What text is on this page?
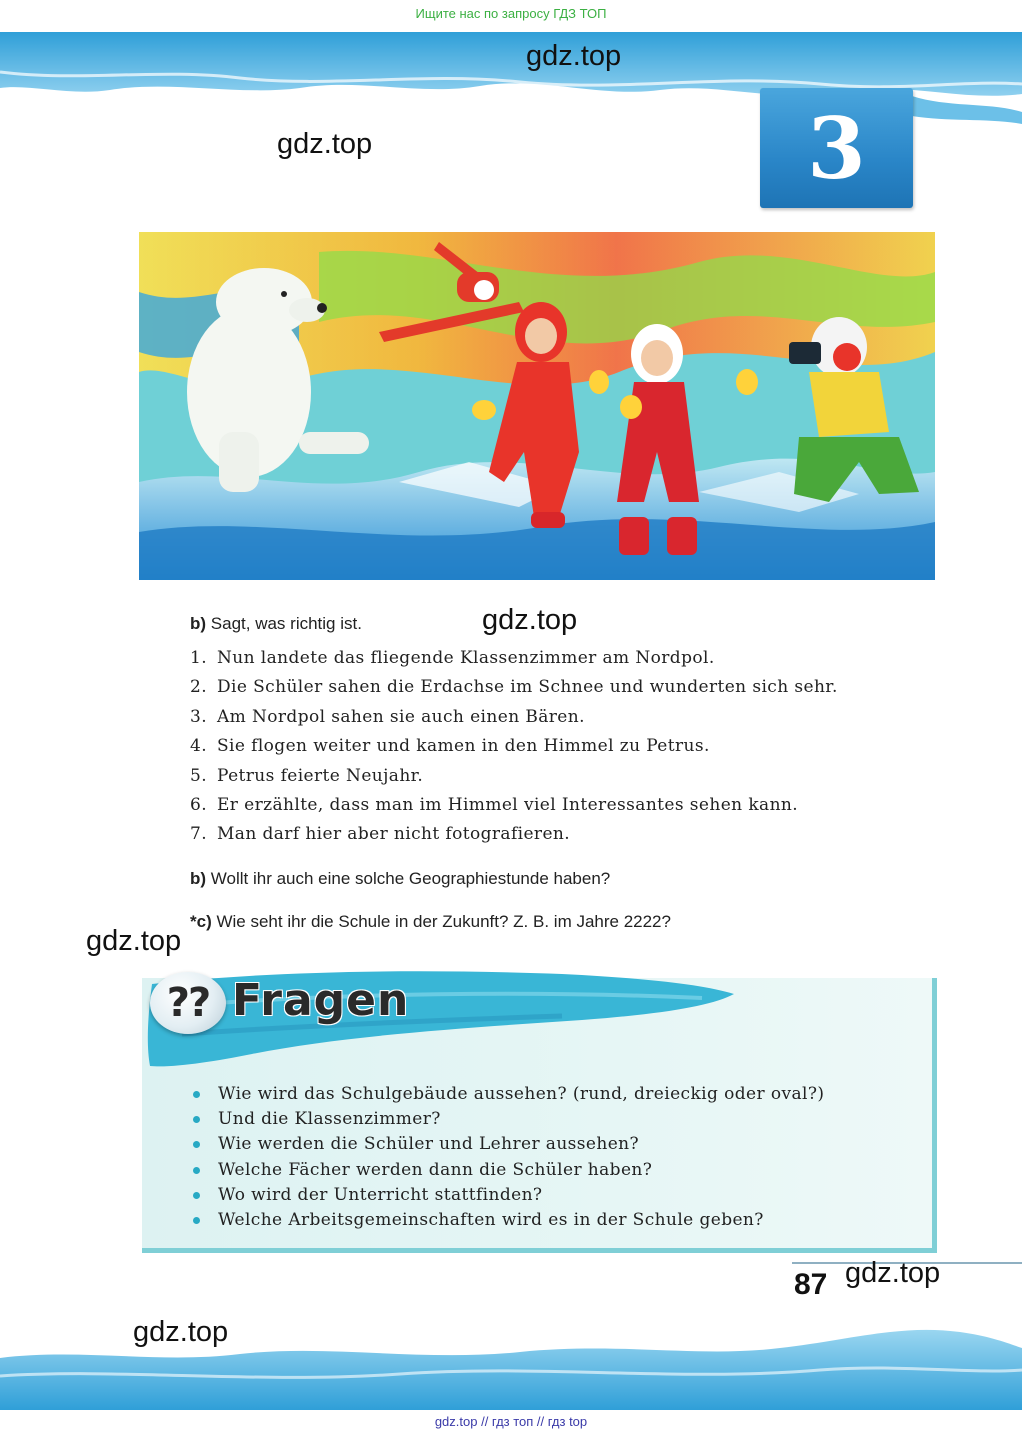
Ищите нас по запросу ГДЗ ТОП
gdz.top
gdz.top	3
b) Sagt, was richtig ist.	gdz.top
1. Nun landete das fliegende Klassenzimmer am Nordpol.
2. Die Schüler sahen die Erdachse im Schnee und wunderten sich sehr.
3. Am Nordpol sahen sie auch einen Bären.
4. Sie flogen weiter und kamen in den Himmel zu Petrus.
5. Petrus feierte Neujahr.
6. Er erzählte, dass man im Himmel viel Interessantes sehen kann.
7. Man darf hier aber nicht fotografieren.
b) Wollt ihr auch eine solche Geographiestunde haben?
*c) Wie seht ihr die Schule in der Zukunft? Z. B. im Jahre 2222?
gdz.top
?? Fragen
Wie wird das Schulgebäude aussehen? (rund, dreieckig oder oval?)
Und die Klassenzimmer?
Wie werden die Schüler und Lehrer aussehen?
Welche Fächer werden dann die Schüler haben?
Wo wird der Unterricht stattfinden?
Welche Arbeitsgemeinschaften wird es in der Schule geben?
87 gdz.top
gdz.top
gdz.top // гдз топ // гдз top
